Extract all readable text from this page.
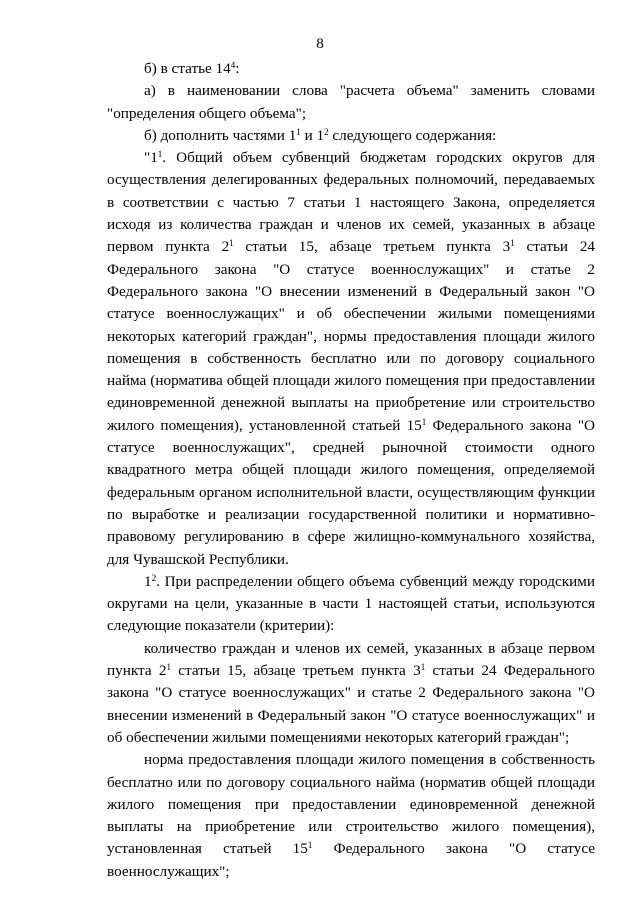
8

б) в статье $14^4$:

а) в наименовании слова "расчета объема" заменить словами "определения общего объема";

б) дополнить частями $1^1$ и $1^2$ следующего содержания:

"$1^1$. Общий объем субвенций бюджетам городских округов для осуществления делегированных федеральных полномочий, передаваемых в соответствии с частью 7 статьи 1 настоящего Закона, определяется исходя из количества граждан и членов их семей, указанных в абзаце первом пункта $2^1$ статьи 15, абзаце третьем пункта $3^1$ статьи 24 Федерального закона "О статусе военнослужащих" и статье 2 Федерального закона "О внесении изменений в Федеральный закон "О статусе военнослужащих" и об обеспечении жилыми помещениями некоторых категорий граждан", нормы предоставления площади жилого помещения в собственность бесплатно или по договору социального найма (норматива общей площади жилого помещения при предоставлении единовременной денежной выплаты на приобретение или строительство жилого помещения), установленной статьей $15^1$ Федерального закона "О статусе военнослужащих", средней рыночной стоимости одного квадратного метра общей площади жилого помещения, определяемой федеральным органом исполнительной власти, осуществляющим функции по выработке и реализации государственной политики и нормативно-правовому регулированию в сфере жилищно-коммунального хозяйства, для Чувашской Республики.

$1^2$. При распределении общего объема субвенций между городскими округами на цели, указанные в части 1 настоящей статьи, используются следующие показатели (критерии):

количество граждан и членов их семей, указанных в абзаце первом пункта $2^1$ статьи 15, абзаце третьем пункта $3^1$ статьи 24 Федерального закона "О статусе военнослужащих" и статье 2 Федерального закона "О внесении изменений в Федеральный закон "О статусе военнослужащих" и об обеспечении жилыми помещениями некоторых категорий граждан";

норма предоставления площади жилого помещения в собственность бесплатно или по договору социального найма (норматив общей площади жилого помещения при предоставлении единовременной денежной выплаты на приобретение или строительство жилого помещения), установленная статьей $15^1$ Федерального закона "О статусе военнослужащих";
